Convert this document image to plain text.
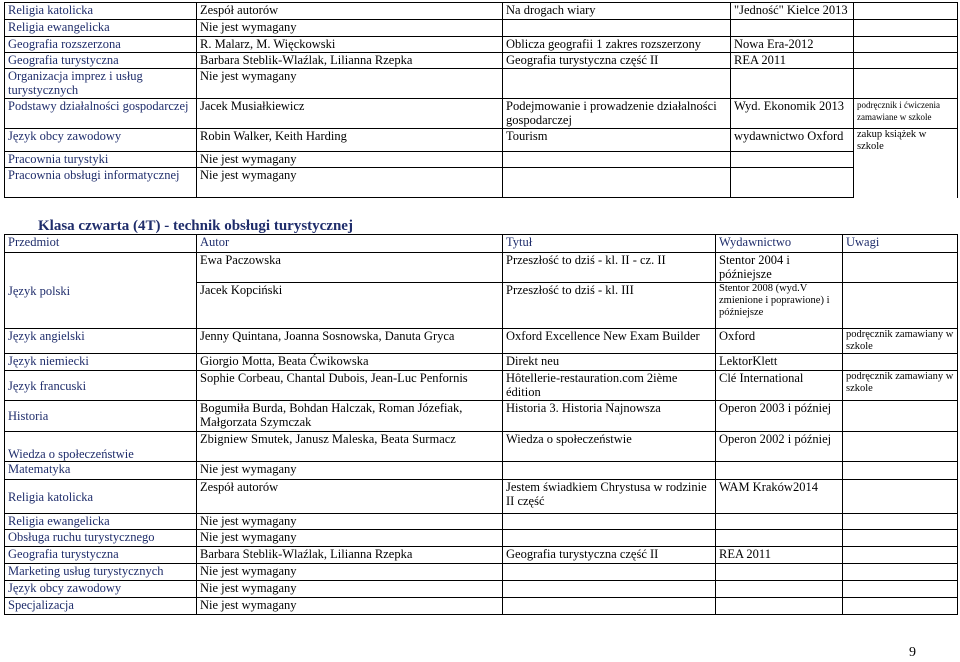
Religia katolicka	Zespół autorów	Na drogach wiary	"Jedność" Kielce 2013	
Religia ewangelicka	Nie jest wymagany			
Geografia rozszerzona	R. Malarz, M. Więckowski	Oblicza geografii 1 zakres rozszerzony	Nowa Era-2012	
Geografia turystyczna	Barbara Steblik-Wlaźlak, Lilianna Rzepka	Geografia turystyczna część II	REA 2011	
Organizacja imprez i usług turystycznych	Nie jest wymagany			
Podstawy działalności gospodarczej	Jacek Musiałkiewicz	Podejmowanie i prowadzenie działalności gospodarczej	Wyd. Ekonomik 2013	podręcznik i ćwiczenia zamawiane w szkole
Język obcy zawodowy	Robin Walker, Keith Harding	Tourism	wydawnictwo Oxford	zakup książek w szkole
Pracownia turystyki	Nie jest wymagany			
Pracownia obsługi informatycznej	Nie jest wymagany			
Klasa czwarta (4T) - technik obsługi turystycznej
Przedmiot	Autor	Tytuł	Wydawnictwo	Uwagi
Język polski	Ewa Paczowska	Przeszłość to dziś - kl. II - cz. II	Stentor 2004 i późniejsze	
	Jacek Kopciński	Przeszłość to dziś - kl. III	Stentor 2008 (wyd.V zmienione i poprawione) i późniejsze	
Język angielski	Jenny Quintana, Joanna Sosnowska, Danuta Gryca	Oxford Excellence New Exam Builder	Oxford	podręcznik zamawiany w szkole
Język niemiecki	Giorgio Motta, Beata Ćwikowska	Direkt neu	LektorKlett	
Język francuski	Sophie Corbeau, Chantal Dubois, Jean-Luc Penfornis	Hôtellerie-restauration.com 2ième édition	Clé International	podręcznik zamawiany w szkole
Historia	Bogumiła Burda, Bohdan Halczak, Roman Józefiak, Małgorzata Szymczak	Historia 3. Historia Najnowsza	Operon 2003 i później	
Wiedza o społeczeństwie	Zbigniew Smutek, Janusz Maleska, Beata Surmacz	Wiedza o społeczeństwie	Operon 2002 i później	
Matematyka	Nie jest wymagany			
Religia katolicka	Zespół autorów	Jestem świadkiem Chrystusa w rodzinie II część	WAM Kraków2014	
Religia ewangelicka	Nie jest wymagany			
Obsługa ruchu turystycznego	Nie jest wymagany			
Geografia turystyczna	Barbara Steblik-Wlaźlak, Lilianna Rzepka	Geografia turystyczna część II	REA 2011	
Marketing usług turystycznych	Nie jest wymagany			
Język obcy zawodowy	Nie jest wymagany			
Specjalizacja	Nie jest wymagany			
9
